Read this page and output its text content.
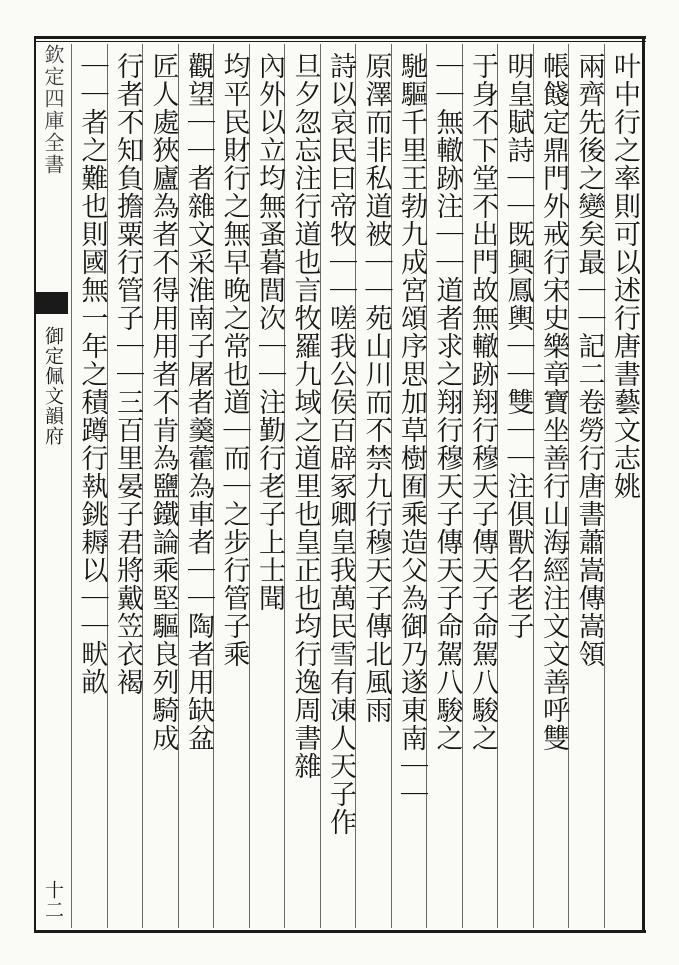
欽定四庫全書
御定佩文韻府
十二
叶中行之率則可以述行唐書藝文志姚
兩齊先後之變矣最｜｜記二卷勞行唐書蕭嵩傳嵩領
帳餞定鼎門外戒行宋史樂章寶坐善行山海經注文文善呼雙
明皇賦詩｜｜既興鳳輿｜｜雙｜｜注俱獸名老子
于身不下堂不出門故無轍跡翔行穆天子傳天子命駕八駿之
｜｜無轍跡注｜｜道者求之翔行穆天子傳天子命駕八駿之
馳驅千里王勃九成宮頌序思加草樹囿乘造父為御乃遂東南｜｜
原澤而非私道被｜｜苑山川而不禁九行穆天子傳北風雨
詩以哀民曰帝牧｜｜嗟我公侯百辟冢卿皇我萬民雪有凍人天子作
旦夕忽忘注行道也言牧羅九域之道里也皇正也均行逸周書雜
內外以立均無蚤暮閭次｜｜注勤行老子上士聞
均平民財行之無早晚之常也道｜而｜之步行管子乘
觀望｜｜者雜文采淮南子屠者羹藿為車者｜｜陶者用缺盆
匠人處狹廬為者不得用用者不肯為鹽鐵論乘堅驅良列騎成
行者不知負擔粟行管子｜｜三百里晏子君將戴笠衣褐
｜｜者之難也則國無一年之積蹲行執銚耨以｜｜畎畝
